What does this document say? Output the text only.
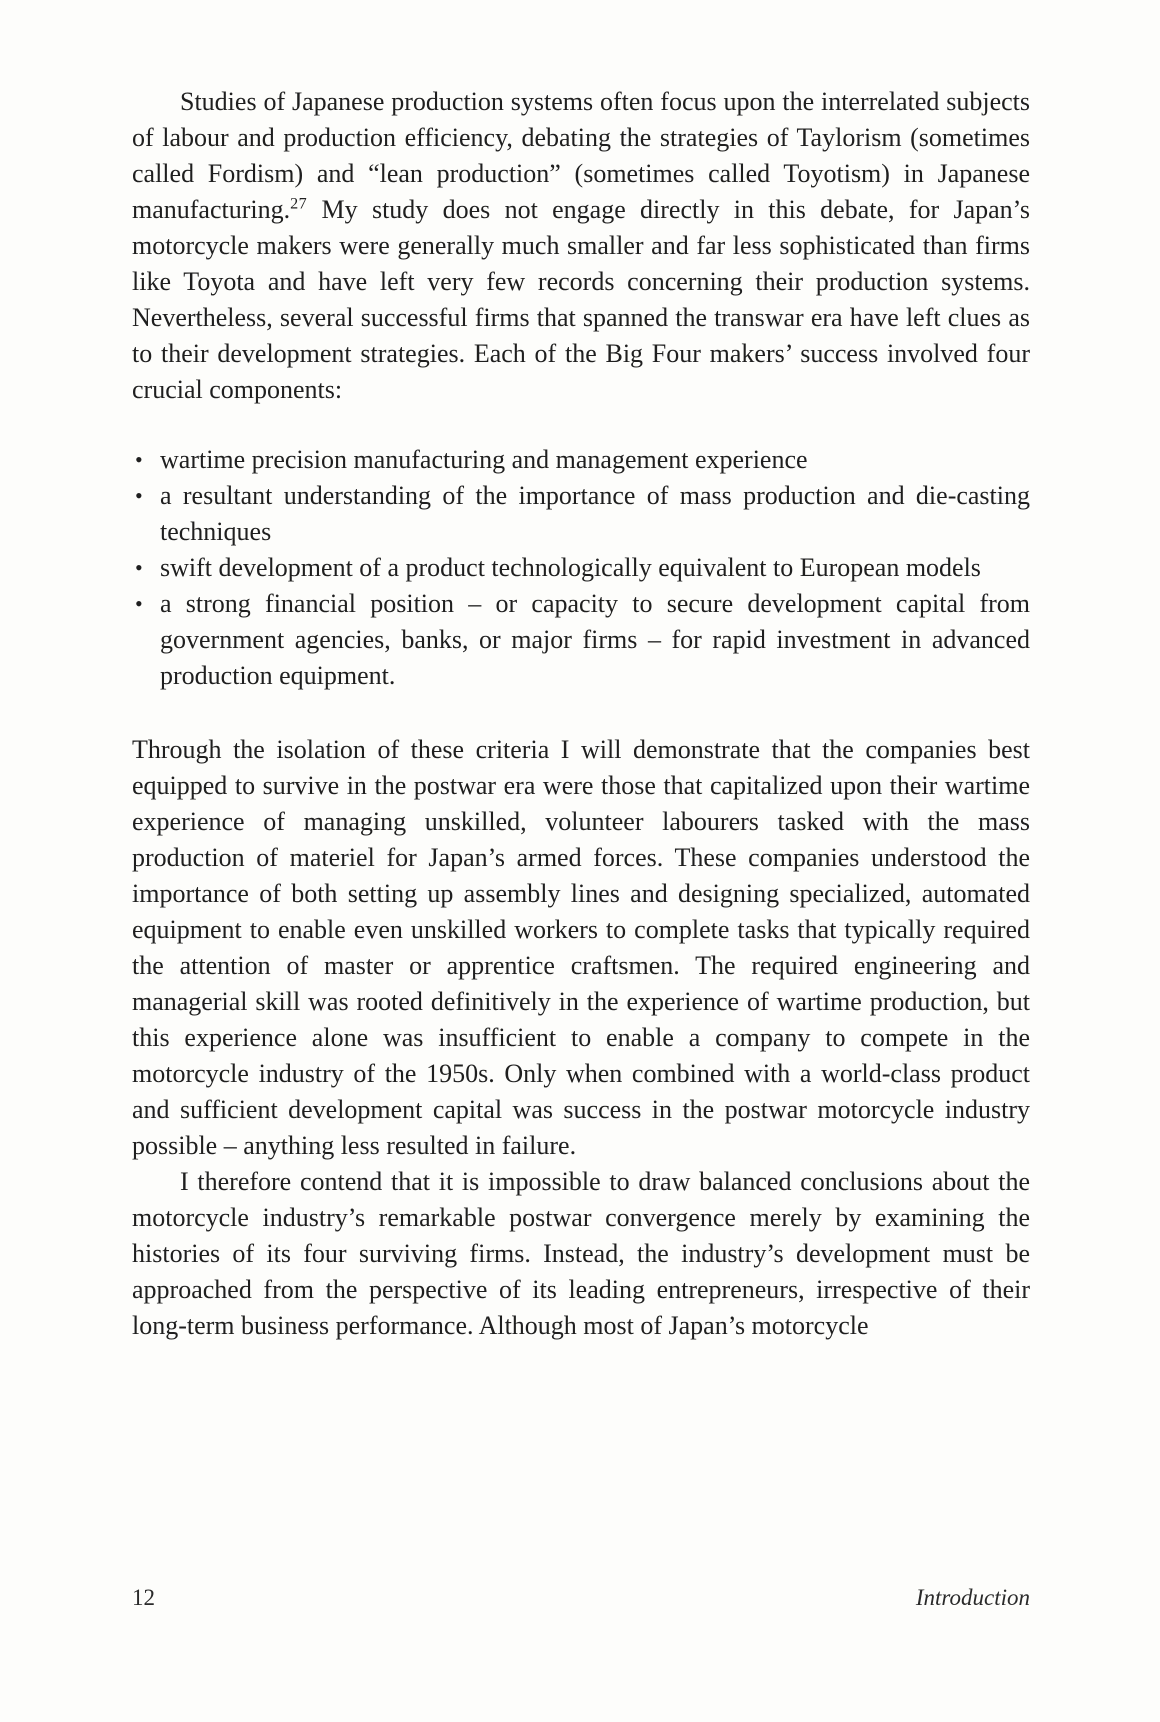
Studies of Japanese production systems often focus upon the interrelated subjects of labour and production efficiency, debating the strategies of Taylorism (sometimes called Fordism) and “lean production” (sometimes called Toyotism) in Japanese manufacturing.$^{27}$ My study does not engage directly in this debate, for Japan’s motorcycle makers were generally much smaller and far less sophisticated than firms like Toyota and have left very few records concerning their production systems. Nevertheless, several successful firms that spanned the transwar era have left clues as to their development strategies. Each of the Big Four makers’ success involved four crucial components:

• wartime precision manufacturing and management experience
• a resultant understanding of the importance of mass production and die-casting techniques
• swift development of a product technologically equivalent to European models
• a strong financial position – or capacity to secure development capital from government agencies, banks, or major firms – for rapid investment in advanced production equipment.

Through the isolation of these criteria I will demonstrate that the companies best equipped to survive in the postwar era were those that capitalized upon their wartime experience of managing unskilled, volunteer labourers tasked with the mass production of materiel for Japan’s armed forces. These companies understood the importance of both setting up assembly lines and designing specialized, automated equipment to enable even unskilled workers to complete tasks that typically required the attention of master or apprentice craftsmen. The required engineering and managerial skill was rooted definitively in the experience of wartime production, but this experience alone was insufficient to enable a company to compete in the motorcycle industry of the 1950s. Only when combined with a world-class product and sufficient development capital was success in the postwar motorcycle industry possible – anything less resulted in failure.

I therefore contend that it is impossible to draw balanced conclusions about the motorcycle industry’s remarkable postwar convergence merely by examining the histories of its four surviving firms. Instead, the industry’s development must be approached from the perspective of its leading entrepreneurs, irrespective of their long-term business performance. Although most of Japan’s motorcycle

12	Introduction
